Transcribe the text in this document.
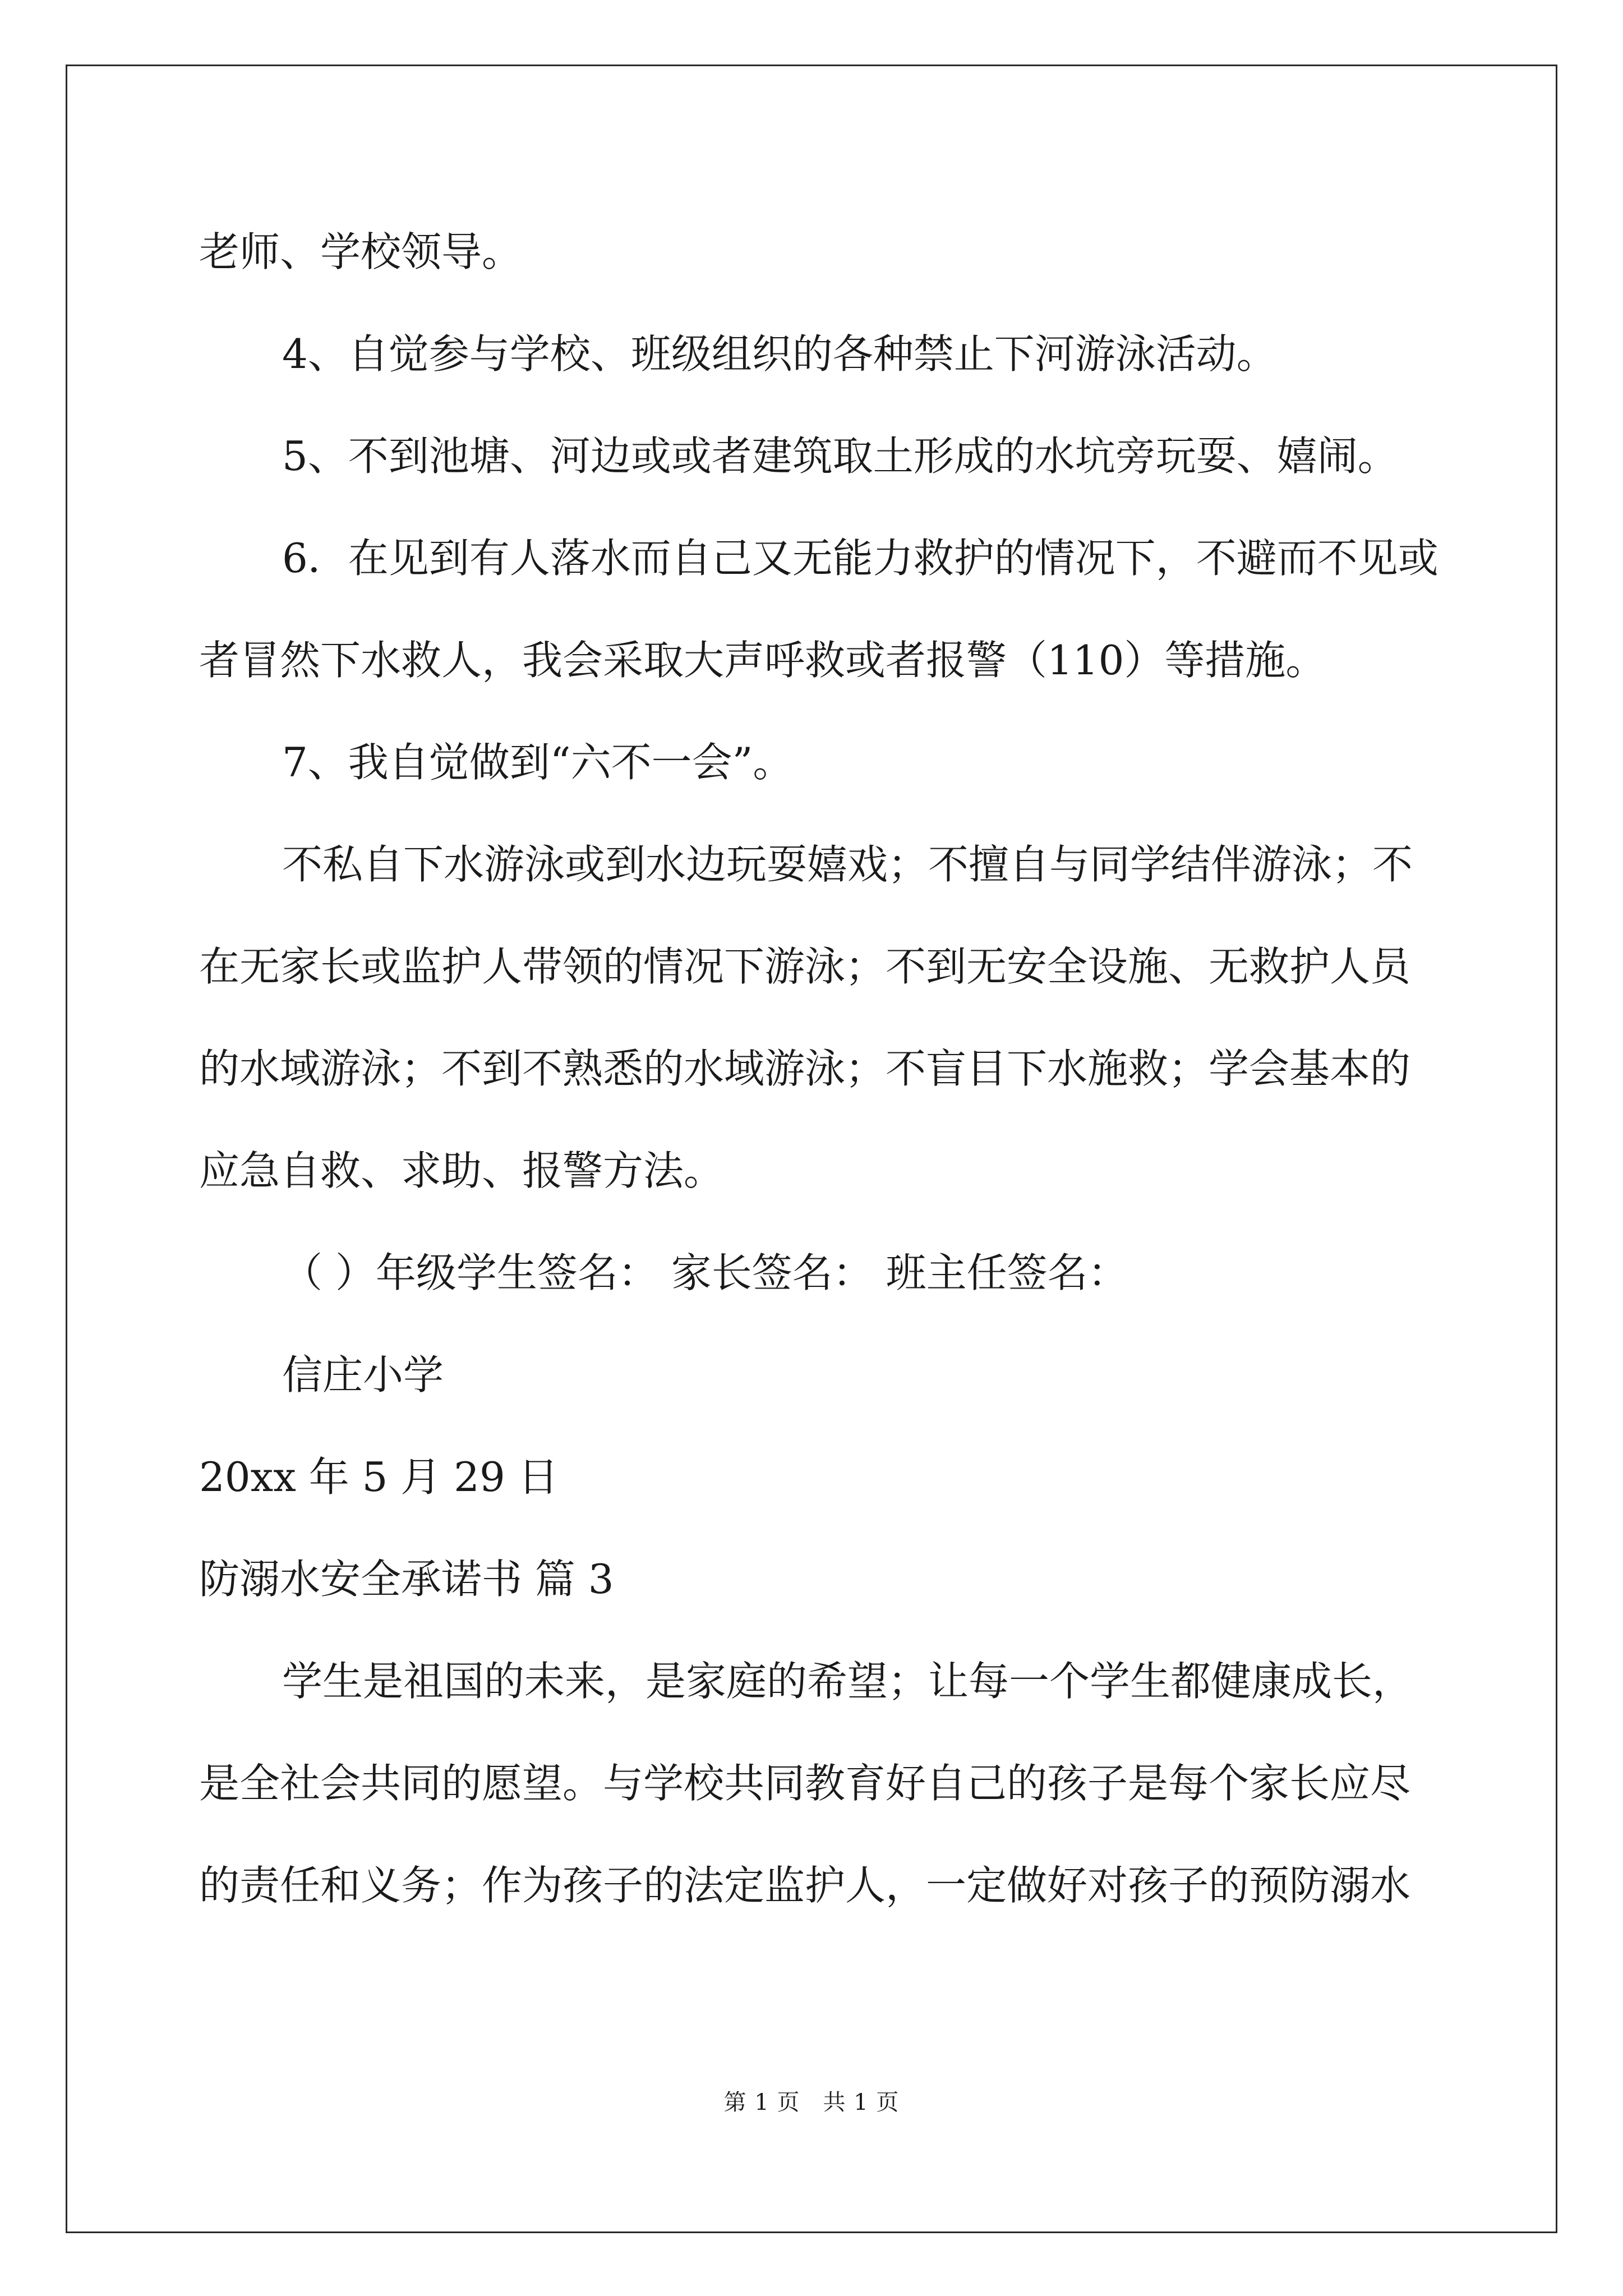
老师、学校领导。

4、自觉参与学校、班级组织的各种禁止下河游泳活动。

5、不到池塘、河边或或者建筑取土形成的水坑旁玩耍、嬉闹。

6．在见到有人落水而自己又无能力救护的情况下，不避而不见或

者冒然下水救人，我会采取大声呼救或者报警（110）等措施。

7、我自觉做到“六不一会”。

不私自下水游泳或到水边玩耍嬉戏；不擅自与同学结伴游泳；不

在无家长或监护人带领的情况下游泳；不到无安全设施、无救护人员

的水域游泳；不到不熟悉的水域游泳；不盲目下水施救；学会基本的

应急自救、求助、报警方法。

（ ）年级学生签名： 家长签名： 班主任签名：

信庄小学

20xx 年 5 月 29 日

防溺水安全承诺书 篇 3

学生是祖国的未来，是家庭的希望；让每一个学生都健康成长，

是全社会共同的愿望。与学校共同教育好自己的孩子是每个家长应尽

的责任和义务；作为孩子的法定监护人，一定做好对孩子的预防溺水

第 1 页　共 1 页
